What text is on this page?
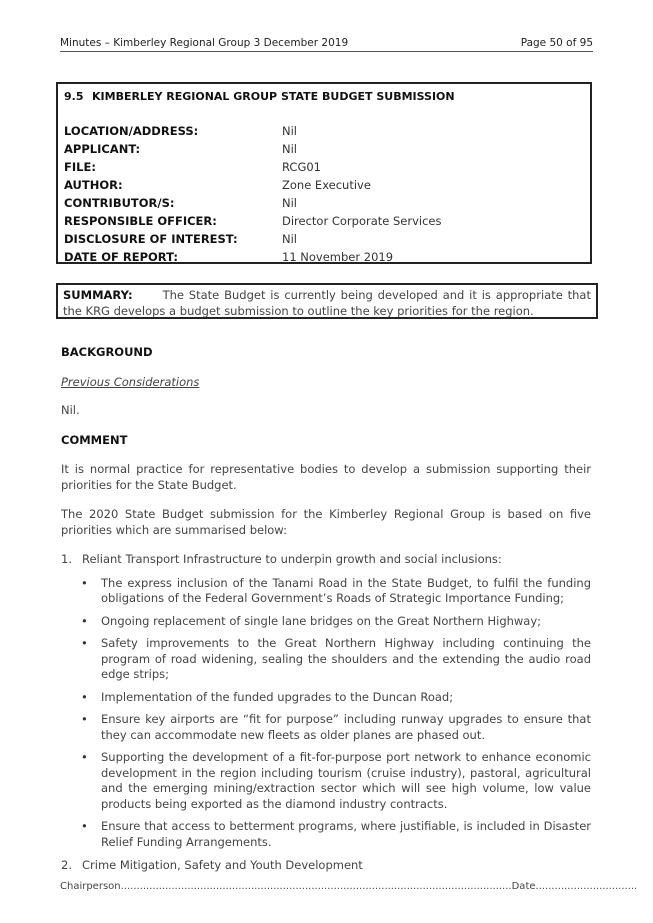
Minutes – Kimberley Regional Group 3 December 2019	Page 50 of 95
9.5 KIMBERLEY REGIONAL GROUP STATE BUDGET SUBMISSION
LOCATION/ADDRESS:	Nil
APPLICANT:	Nil
FILE:	RCG01
AUTHOR:	Zone Executive
CONTRIBUTOR/S:	Nil
RESPONSIBLE OFFICER:	Director Corporate Services
DISCLOSURE OF INTEREST:	Nil
DATE OF REPORT:	11 November 2019
SUMMARY:	The State Budget is currently being developed and it is appropriate that the KRG develops a budget submission to outline the key priorities for the region.
BACKGROUND
Previous Considerations
Nil.
COMMENT
It is normal practice for representative bodies to develop a submission supporting their priorities for the State Budget.
The 2020 State Budget submission for the Kimberley Regional Group is based on five priorities which are summarised below:
1. Reliant Transport Infrastructure to underpin growth and social inclusions:
• The express inclusion of the Tanami Road in the State Budget, to fulfil the funding obligations of the Federal Government’s Roads of Strategic Importance Funding;
• Ongoing replacement of single lane bridges on the Great Northern Highway;
• Safety improvements to the Great Northern Highway including continuing the program of road widening, sealing the shoulders and the extending the audio road edge strips;
• Implementation of the funded upgrades to the Duncan Road;
• Ensure key airports are “fit for purpose” including runway upgrades to ensure that they can accommodate new fleets as older planes are phased out.
• Supporting the development of a fit-for-purpose port network to enhance economic development in the region including tourism (cruise industry), pastoral, agricultural and the emerging mining/extraction sector which will see high volume, low value products being exported as the diamond industry contracts.
• Ensure that access to betterment programs, where justifiable, is included in Disaster Relief Funding Arrangements.
2. Crime Mitigation, Safety and Youth Development
Chairperson...........................................................................................................................Date................................
